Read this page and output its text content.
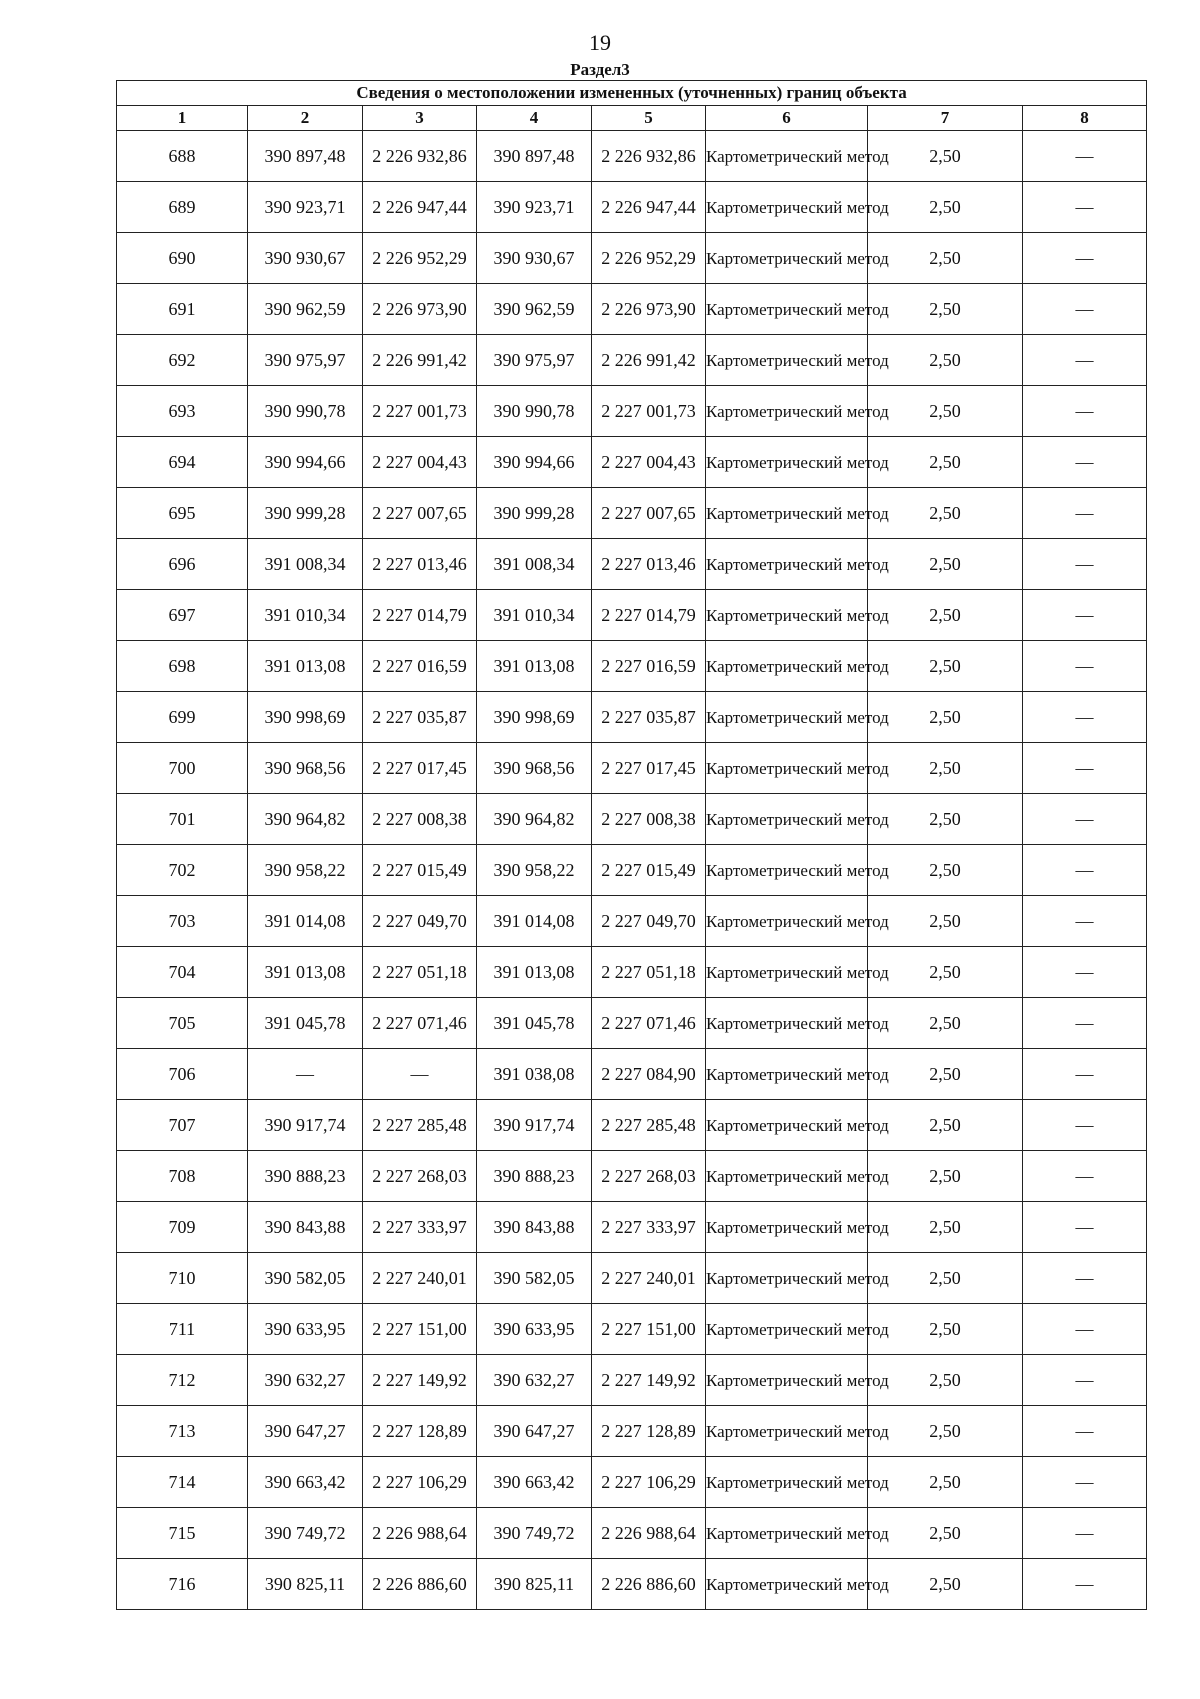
19
Раздел3
Сведения о местоположении измененных (уточненных) границ объекта							
1	2	3	4	5	6	7	8
688	390 897,48	2 226 932,86	390 897,48	2 226 932,86	Картометрический метод	2,50	—
689	390 923,71	2 226 947,44	390 923,71	2 226 947,44	Картометрический метод	2,50	—
690	390 930,67	2 226 952,29	390 930,67	2 226 952,29	Картометрический метод	2,50	—
691	390 962,59	2 226 973,90	390 962,59	2 226 973,90	Картометрический метод	2,50	—
692	390 975,97	2 226 991,42	390 975,97	2 226 991,42	Картометрический метод	2,50	—
693	390 990,78	2 227 001,73	390 990,78	2 227 001,73	Картометрический метод	2,50	—
694	390 994,66	2 227 004,43	390 994,66	2 227 004,43	Картометрический метод	2,50	—
695	390 999,28	2 227 007,65	390 999,28	2 227 007,65	Картометрический метод	2,50	—
696	391 008,34	2 227 013,46	391 008,34	2 227 013,46	Картометрический метод	2,50	—
697	391 010,34	2 227 014,79	391 010,34	2 227 014,79	Картометрический метод	2,50	—
698	391 013,08	2 227 016,59	391 013,08	2 227 016,59	Картометрический метод	2,50	—
699	390 998,69	2 227 035,87	390 998,69	2 227 035,87	Картометрический метод	2,50	—
700	390 968,56	2 227 017,45	390 968,56	2 227 017,45	Картометрический метод	2,50	—
701	390 964,82	2 227 008,38	390 964,82	2 227 008,38	Картометрический метод	2,50	—
702	390 958,22	2 227 015,49	390 958,22	2 227 015,49	Картометрический метод	2,50	—
703	391 014,08	2 227 049,70	391 014,08	2 227 049,70	Картометрический метод	2,50	—
704	391 013,08	2 227 051,18	391 013,08	2 227 051,18	Картометрический метод	2,50	—
705	391 045,78	2 227 071,46	391 045,78	2 227 071,46	Картометрический метод	2,50	—
706	—	—	391 038,08	2 227 084,90	Картометрический метод	2,50	—
707	390 917,74	2 227 285,48	390 917,74	2 227 285,48	Картометрический метод	2,50	—
708	390 888,23	2 227 268,03	390 888,23	2 227 268,03	Картометрический метод	2,50	—
709	390 843,88	2 227 333,97	390 843,88	2 227 333,97	Картометрический метод	2,50	—
710	390 582,05	2 227 240,01	390 582,05	2 227 240,01	Картометрический метод	2,50	—
711	390 633,95	2 227 151,00	390 633,95	2 227 151,00	Картометрический метод	2,50	—
712	390 632,27	2 227 149,92	390 632,27	2 227 149,92	Картометрический метод	2,50	—
713	390 647,27	2 227 128,89	390 647,27	2 227 128,89	Картометрический метод	2,50	—
714	390 663,42	2 227 106,29	390 663,42	2 227 106,29	Картометрический метод	2,50	—
715	390 749,72	2 226 988,64	390 749,72	2 226 988,64	Картометрический метод	2,50	—
716	390 825,11	2 226 886,60	390 825,11	2 226 886,60	Картометрический метод	2,50	—
